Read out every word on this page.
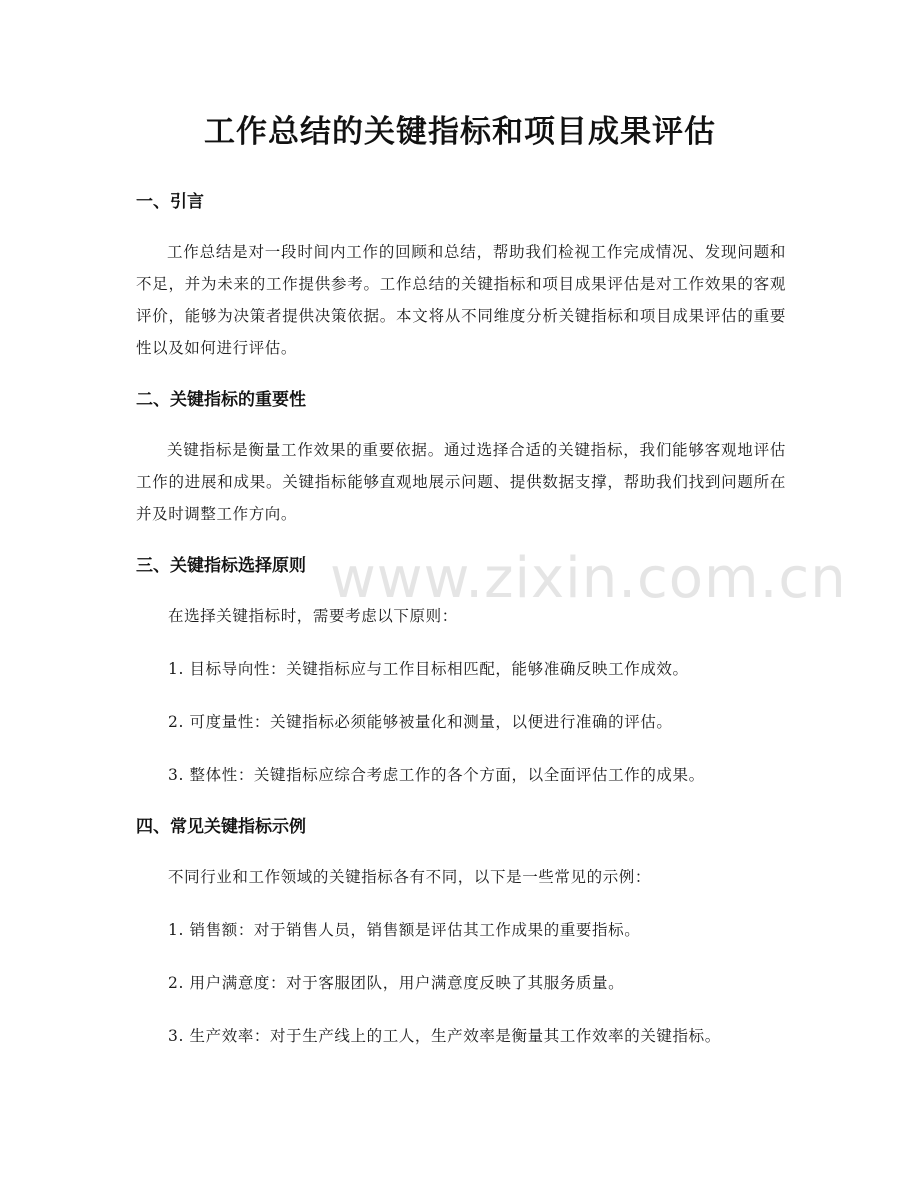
www.zixin.com.cn
工作总结的关键指标和项目成果评估
一、引言

工作总结是对一段时间内工作的回顾和总结，帮助我们检视工作完成情况、发现问题和不足，并为未来的工作提供参考。工作总结的关键指标和项目成果评估是对工作效果的客观评价，能够为决策者提供决策依据。本文将从不同维度分析关键指标和项目成果评估的重要性以及如何进行评估。

二、关键指标的重要性

关键指标是衡量工作效果的重要依据。通过选择合适的关键指标，我们能够客观地评估工作的进展和成果。关键指标能够直观地展示问题、提供数据支撑，帮助我们找到问题所在并及时调整工作方向。

三、关键指标选择原则

在选择关键指标时，需要考虑以下原则：

1. 目标导向性：关键指标应与工作目标相匹配，能够准确反映工作成效。

2. 可度量性：关键指标必须能够被量化和测量，以便进行准确的评估。

3. 整体性：关键指标应综合考虑工作的各个方面，以全面评估工作的成果。

四、常见关键指标示例

不同行业和工作领域的关键指标各有不同，以下是一些常见的示例：

1. 销售额：对于销售人员，销售额是评估其工作成果的重要指标。

2. 用户满意度：对于客服团队，用户满意度反映了其服务质量。

3. 生产效率：对于生产线上的工人，生产效率是衡量其工作效率的关键指标。
